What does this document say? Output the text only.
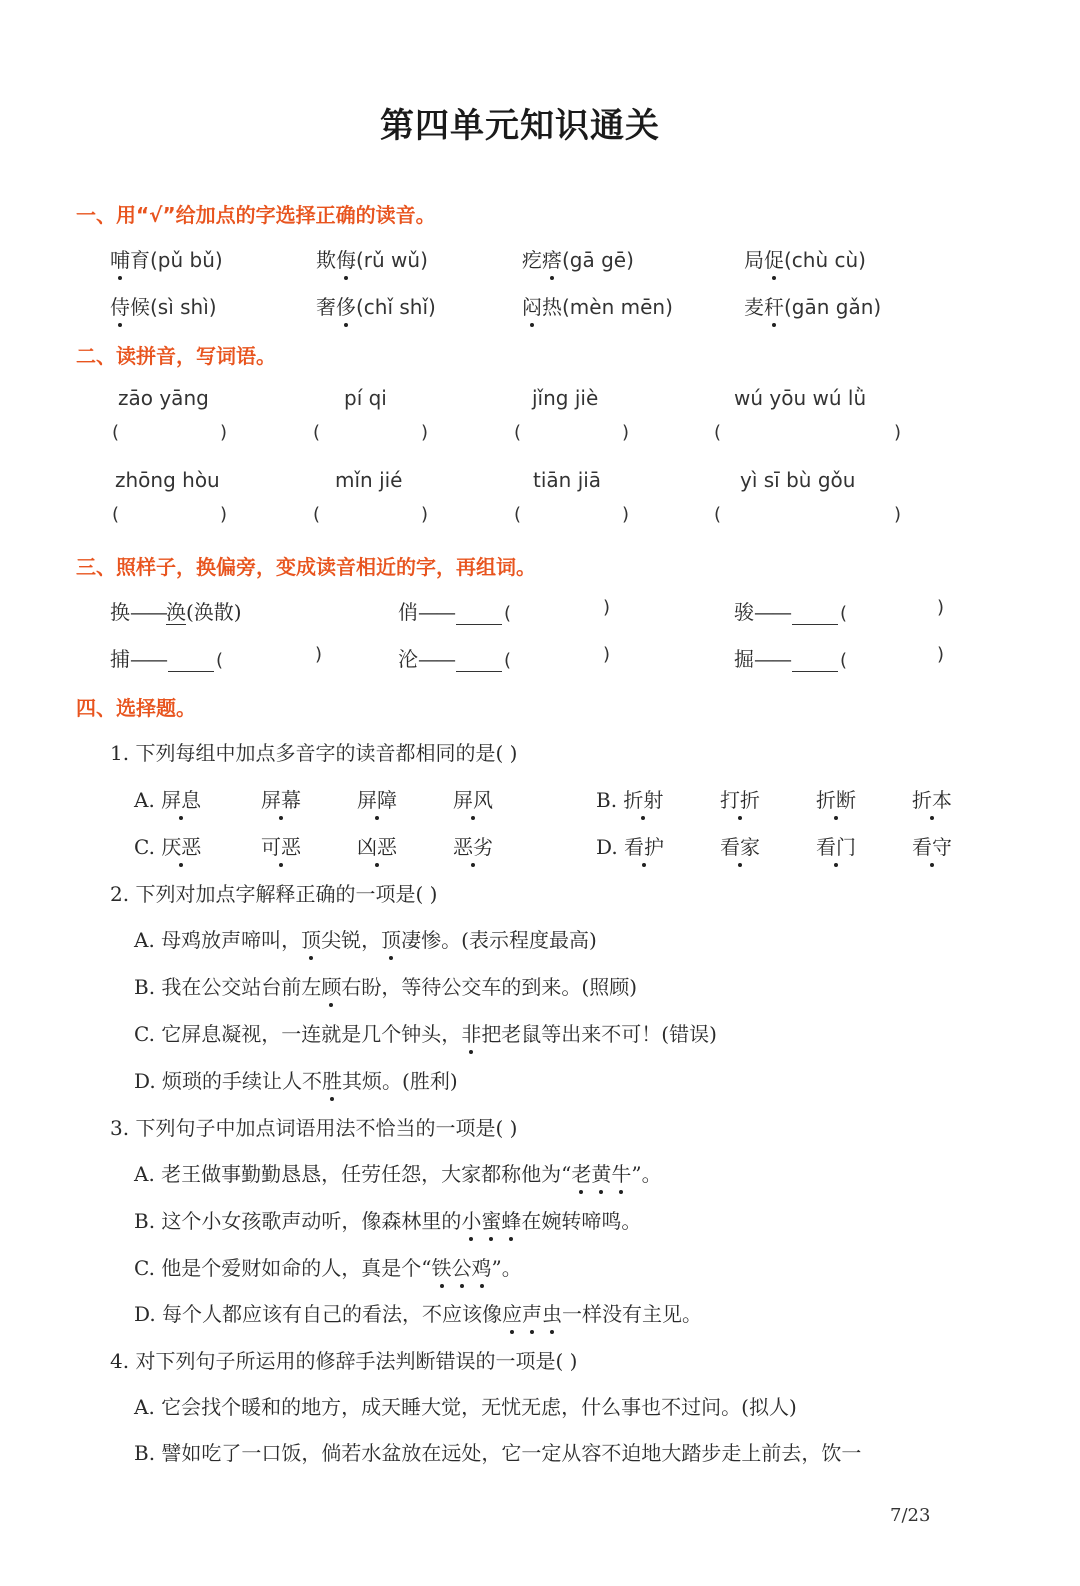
第四单元知识通关
一、用“√”给加点的字选择正确的读音。
哺育(pǔ bǔ)	欺侮(rǔ wǔ)	疙瘩(gā gē)	局促(chù cù)
侍候(sì shì)	奢侈(chǐ shǐ)	闷热(mèn mēn)	麦秆(gān gǎn)
二、读拼音，写词语。
zāo yāng	pí qi	jǐng jiè	wú yōu wú lǜ
(	)	(	)	(	)	(	)
zhōng hòu	mǐn jié	tiān jiā	yì sī bù gǒu
(	)	(	)	(	)	(	)
三、照样子，换偏旁，变成读音相近的字，再组词。
换——涣(涣散)	俏——	(	)	骏——	(	)
捕——	(	)	沦——	(	)	掘——	(	)
四、选择题。
1. 下列每组中加点多音字的读音都相同的是( )
A. 屏息	屏幕	屏障	屏风	B. 折射	打折	折断	折本
C. 厌恶	可恶	凶恶	恶劣	D. 看护	看家	看门	看守
2. 下列对加点字解释正确的一项是( )
A. 母鸡放声啼叫，顶尖锐，顶凄惨。(表示程度最高)
B. 我在公交站台前左顾右盼，等待公交车的到来。(照顾)
C. 它屏息凝视，一连就是几个钟头，非把老鼠等出来不可！(错误)
D. 烦琐的手续让人不胜其烦。(胜利)
3. 下列句子中加点词语用法不恰当的一项是( )
A. 老王做事勤勤恳恳，任劳任怨，大家都称他为“老黄牛”。
B. 这个小女孩歌声动听，像森林里的小蜜蜂在婉转啼鸣。
C. 他是个爱财如命的人，真是个“铁公鸡”。
D. 每个人都应该有自己的看法，不应该像应声虫一样没有主见。
4. 对下列句子所运用的修辞手法判断错误的一项是( )
A. 它会找个暖和的地方，成天睡大觉，无忧无虑，什么事也不过问。(拟人)
B. 譬如吃了一口饭，倘若水盆放在远处，它一定从容不迫地大踏步走上前去，饮一
7/23
